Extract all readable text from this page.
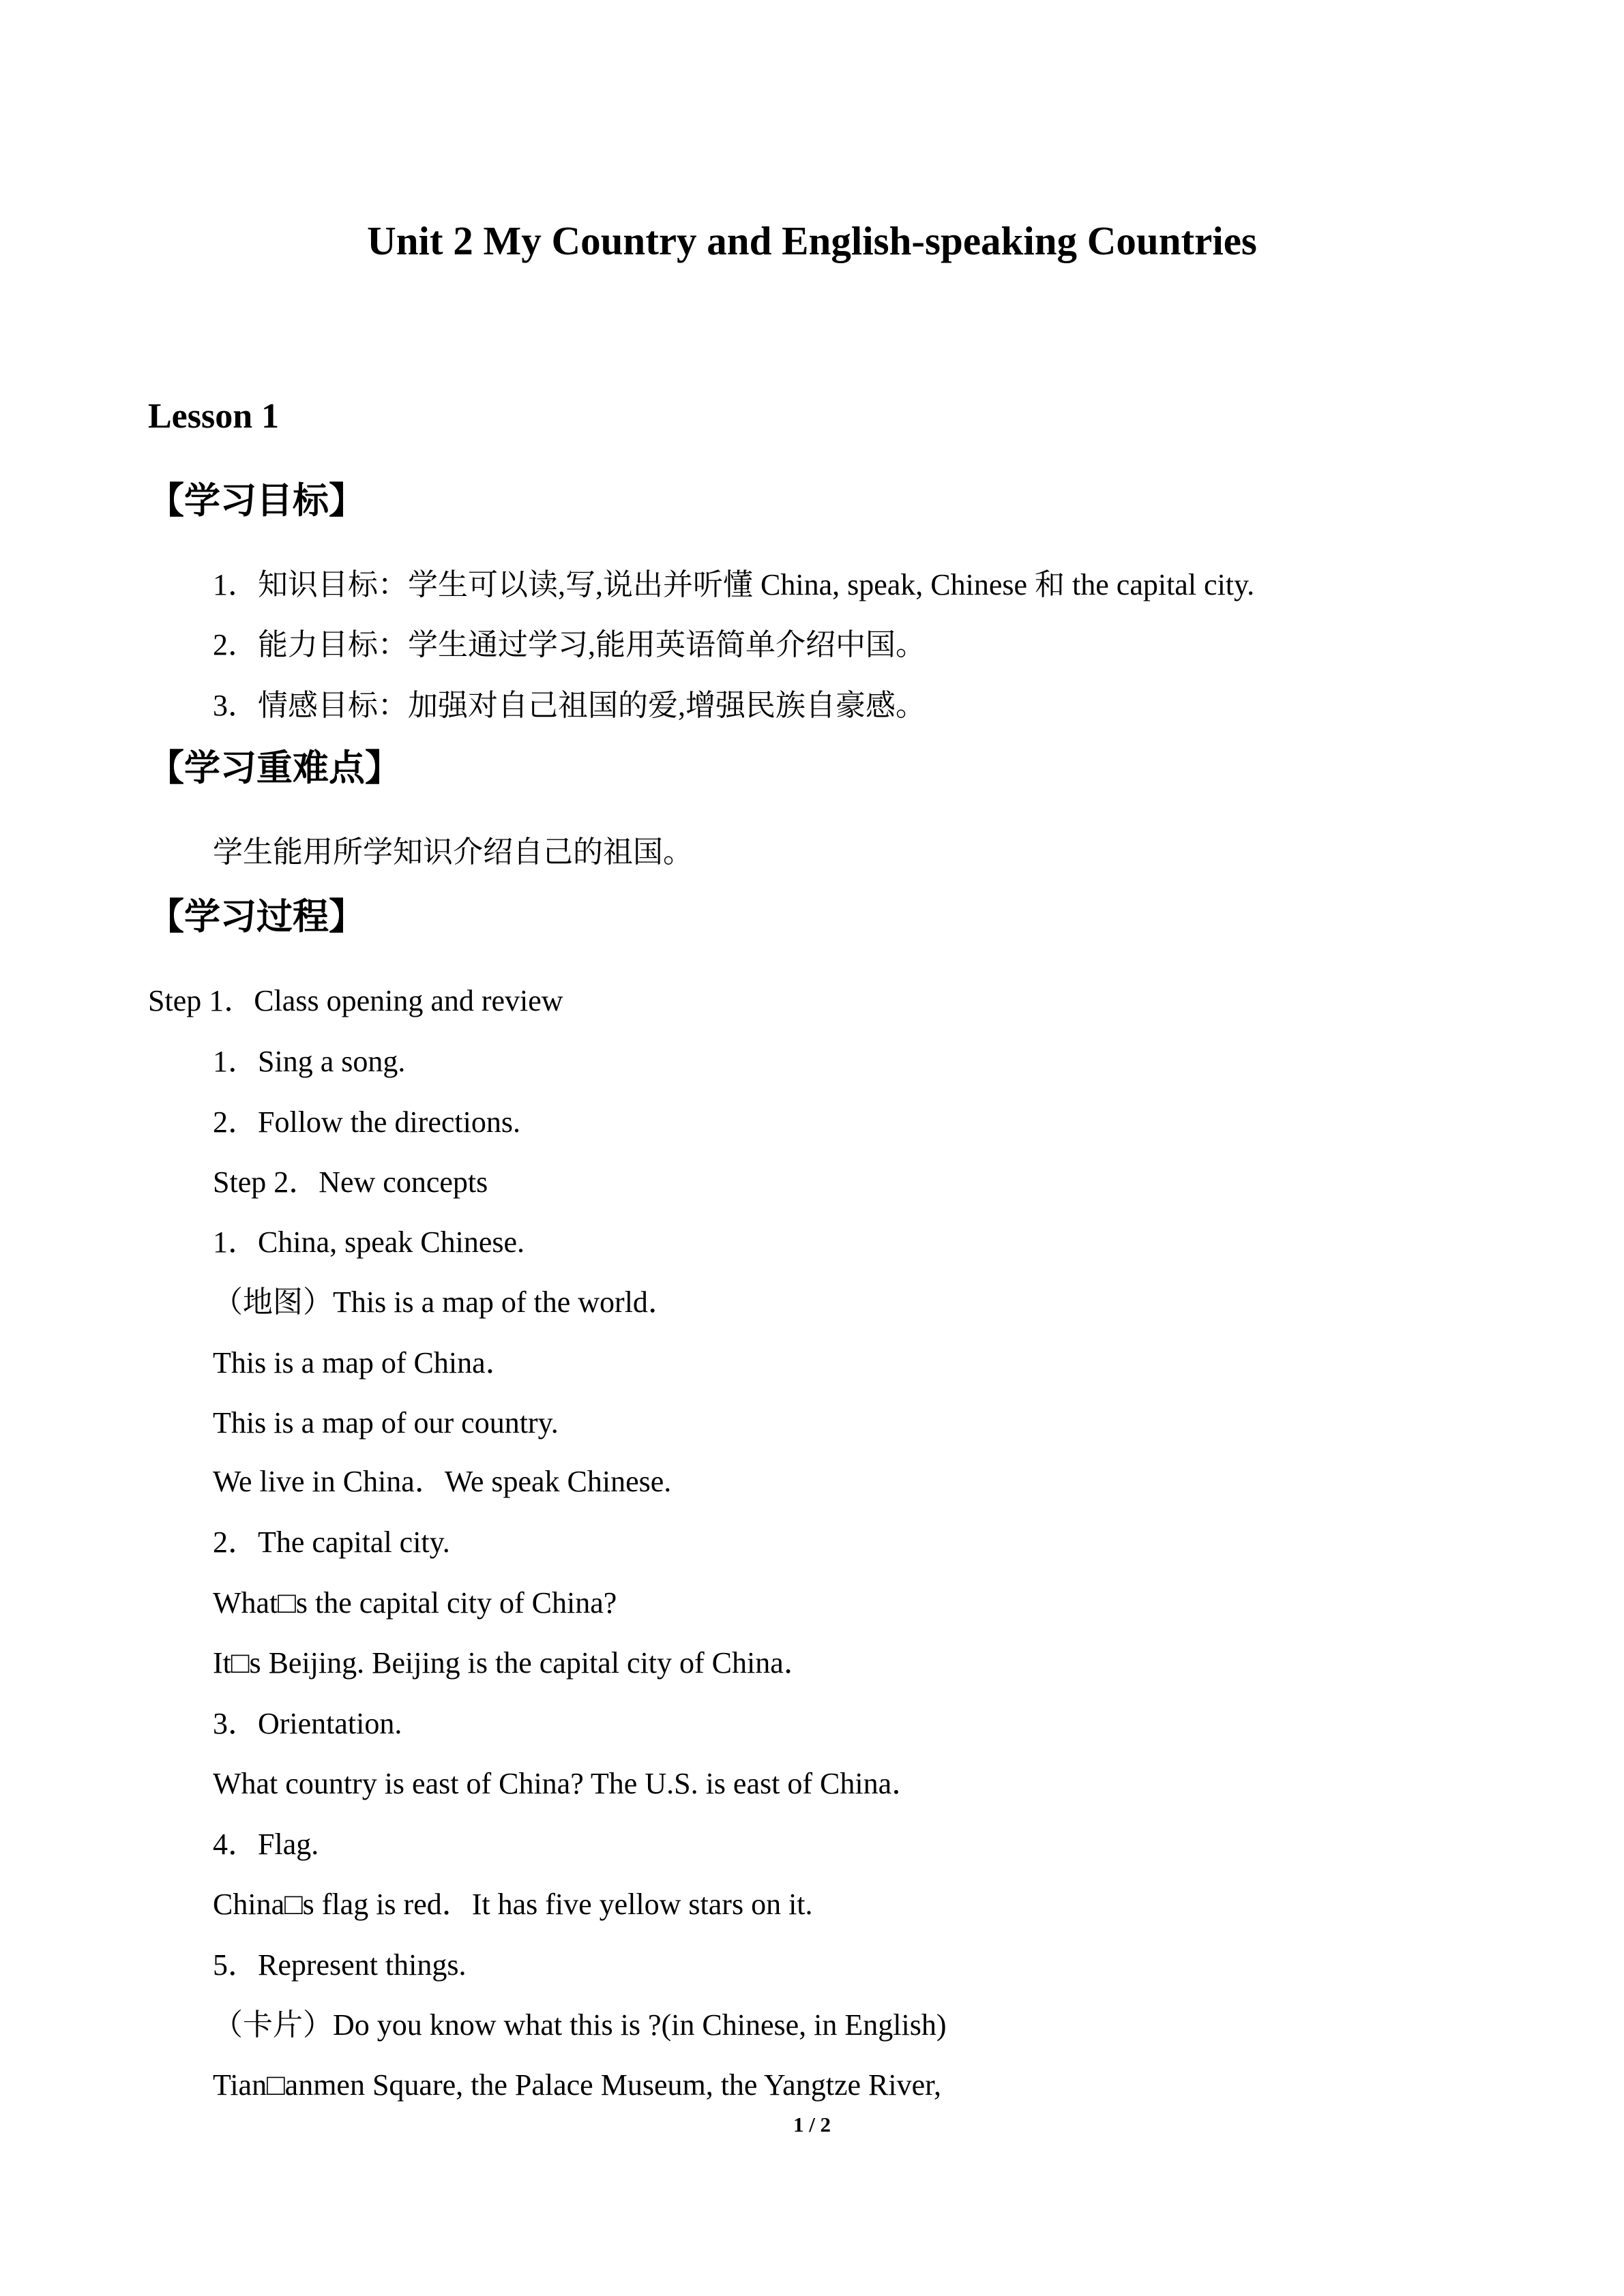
Unit 2 My Country and English-speaking Countries
Lesson 1
【学习目标】
1．知识目标：学生可以读,写,说出并听懂 China, speak, Chinese 和 the capital city.
2．能力目标：学生通过学习,能用英语简单介绍中国。
3．情感目标：加强对自己祖国的爱,增强民族自豪感。
【学习重难点】
学生能用所学知识介绍自己的祖国。
【学习过程】
Step 1．Class opening and review
1．Sing a song.
2．Follow the directions.
Step 2．New concepts
1．China, speak Chinese.
（地图）This is a map of the world．
This is a map of China．
This is a map of our country.
We live in China．We speak Chinese.
2．The capital city.
What□s the capital city of China?
It□s Beijing. Beijing is the capital city of China．
3．Orientation.
What country is east of China? The U.S. is east of China．
4．Flag.
China□s flag is red．It has five yellow stars on it.
5．Represent things.
（卡片）Do you know what this is ?(in Chinese, in English)
Tian□anmen Square, the Palace Museum, the Yangtze River,
1 / 2
